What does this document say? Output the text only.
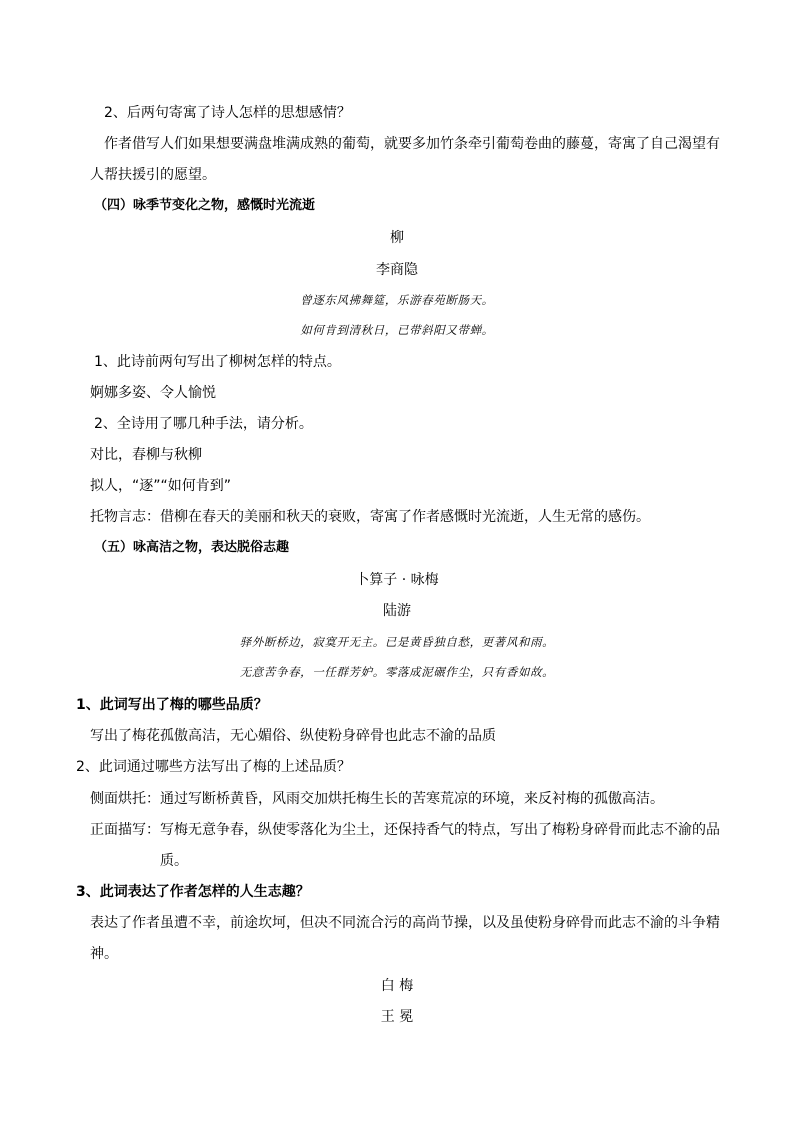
2、后两句寄寓了诗人怎样的思想感情？
作者借写人们如果想要满盘堆满成熟的葡萄，就要多加竹条牵引葡萄卷曲的藤蔓，寄寓了自己渴望有
人帮扶援引的愿望。
（四）咏季节变化之物，感慨时光流逝
柳
李商隐
曾逐东风拂舞筵，乐游春苑断肠天。
如何肯到清秋日，已带斜阳又带蝉。
1、此诗前两句写出了柳树怎样的特点。
婀娜多姿、令人愉悦
2、全诗用了哪几种手法，请分析。
对比，春柳与秋柳
拟人，“逐”“如何肯到”
托物言志：借柳在春天的美丽和秋天的衰败，寄寓了作者感慨时光流逝，人生无常的感伤。
（五）咏高洁之物，表达脱俗志趣
卜算子 · 咏梅
陆游
驿外断桥边，寂寞开无主。已是黄昏独自愁，更著风和雨。
无意苦争春，一任群芳妒。零落成泥碾作尘，只有香如故。
1、此词写出了梅的哪些品质？
写出了梅花孤傲高洁，无心媚俗、纵使粉身碎骨也此志不渝的品质
2、此词通过哪些方法写出了梅的上述品质？
侧面烘托：通过写断桥黄昏，风雨交加烘托梅生长的苦寒荒凉的环境，来反衬梅的孤傲高洁。
正面描写：写梅无意争春，纵使零落化为尘土，还保持香气的特点，写出了梅粉身碎骨而此志不渝的品
质。
3、此词表达了作者怎样的人生志趣？
表达了作者虽遭不幸，前途坎坷，但决不同流合污的高尚节操，以及虽使粉身碎骨而此志不渝的斗争精
神。
白 梅
王 冕
